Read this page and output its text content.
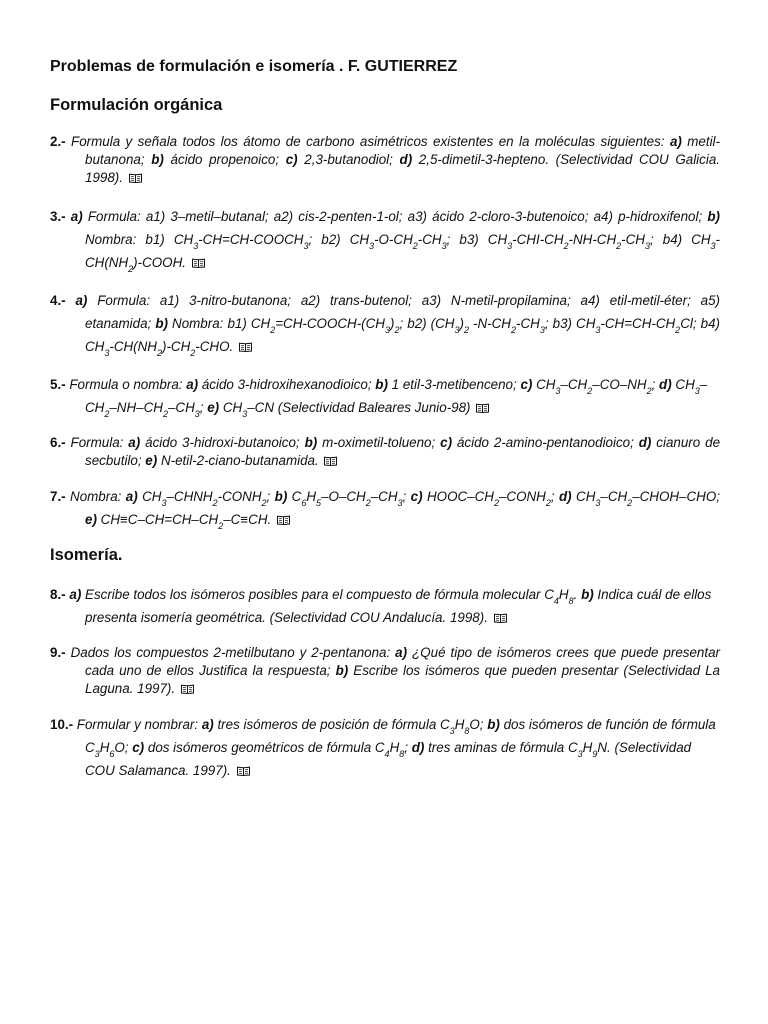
Problemas de formulación e isomería . F. GUTIERREZ
Formulación orgánica
2.- Formula y señala todos los átomo de carbono asimétricos existentes en la moléculas siguientes: a) metil-butanona; b) ácido propenoico; c) 2,3-butanodiol; d) 2,5-dimetil-3-hepteno. (Selectividad COU Galicia. 1998).
3.- a) Formula: a1) 3–metil–butanal; a2) cis-2-penten-1-ol; a3) ácido 2-cloro-3-butenoico; a4) p-hidroxifenol; b) Nombra: b1) $CH_3-CH=CH-COOCH_3$; b2) $CH_3-O-CH_2-CH_3$; b3) $CH_3-CHI-CH_2-NH-CH_2-CH_3$; b4) $CH_3-CH(NH_2)$-COOH.
4.- a) Formula: a1) 3-nitro-butanona; a2) trans-butenol; a3) N-metil-propilamina; a4) etil-metil-éter; a5) etanamida; b) Nombra: b1) $CH_2=CH-COOCH-(CH_3)_2$; b2) $(CH_3)_2$ $-N-CH_2-CH_3$; b3) $CH_3-CH=CH-CH_2Cl$; b4) $CH_3-CH(NH_2)-CH_2$-CHO.
5.- Formula o nombra: a) ácido 3-hidroxihexanodioico; b) 1 etil-3-metibenceno; c) $CH_3-CH_2-CO-NH_2$; d) $CH_3-CH_2-NH-CH_2-CH_3$; e) $CH_3-CN$ (Selectividad Baleares Junio-98)
6.- Formula: a) ácido 3-hidroxi-butanoico; b) m-oximetil-tolueno; c) ácido 2-amino-pentanodioico; d) cianuro de secbutilo; e) N-etil-2-ciano-butanamida.
7.- Nombra: a) $CH_3-CHNH_2-CONH_2$; b) $C_6H_5-O-CH_2-CH_3$; c) HOOC–$CH_2-CONH_2$; d) $CH_3-CH_2-CHOH$–CHO; e) $CH\equiv C-CH=CH-CH_2-C\equiv CH$.
Isomería.
8.- a) Escribe todos los isómeros posibles para el compuesto de fórmula molecular $C_4H_8$. b) Indica cuál de ellos presenta isomería geométrica. (Selectividad COU Andalucía. 1998).
9.- Dados los compuestos 2-metilbutano y 2-pentanona: a) ¿Qué tipo de isómeros crees que puede presentar cada uno de ellos Justifica la respuesta; b) Escribe los isómeros que pueden presentar (Selectividad La Laguna. 1997).
10.- Formular y nombrar: a) tres isómeros de posición de fórmula $C_3H_8O$; b) dos isómeros de función de fórmula $C_3H_6O$; c) dos isómeros geométricos de fórmula $C_4H_8$; d) tres aminas de fórmula $C_3H_9N$. (Selectividad COU Salamanca. 1997).
